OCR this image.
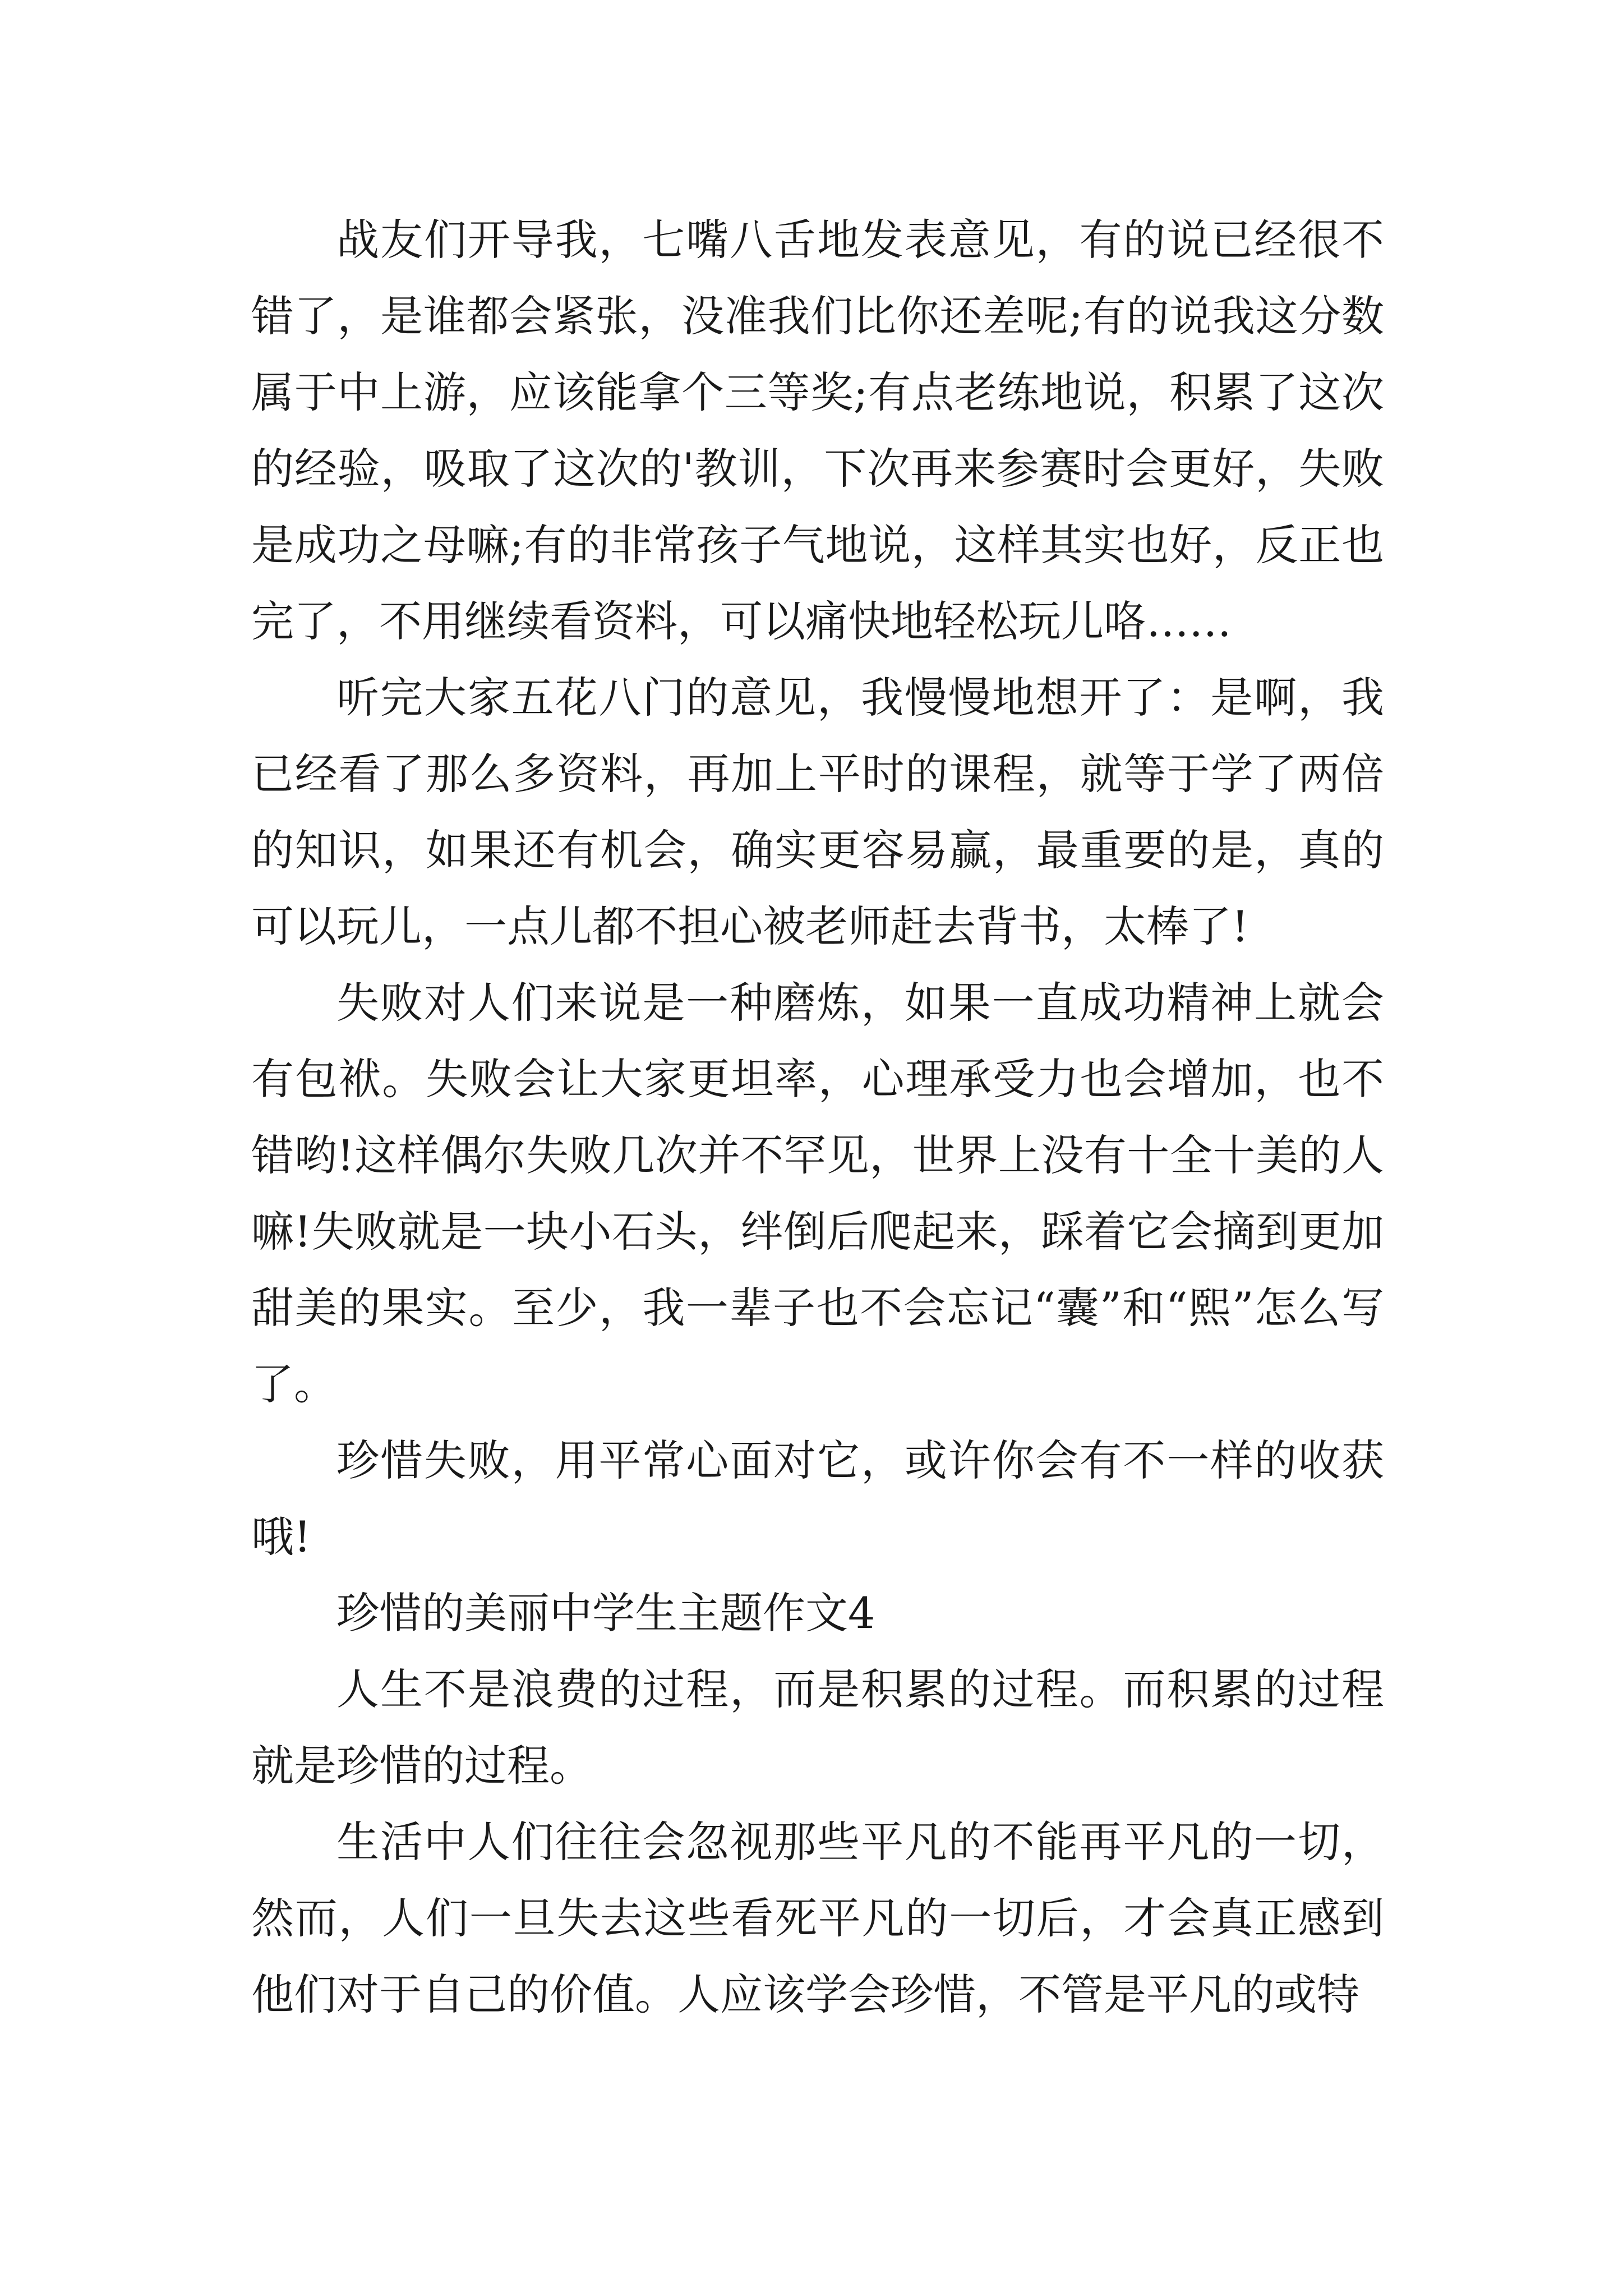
战友们开导我，七嘴八舌地发表意见，有的说已经很不错了，是谁都会紧张，没准我们比你还差呢;有的说我这分数属于中上游，应该能拿个三等奖;有点老练地说，积累了这次的经验，吸取了这次的'教训，下次再来参赛时会更好，失败是成功之母嘛;有的非常孩子气地说，这样其实也好，反正也完了，不用继续看资料，可以痛快地轻松玩儿咯……

听完大家五花八门的意见，我慢慢地想开了：是啊，我已经看了那么多资料，再加上平时的课程，就等于学了两倍的知识，如果还有机会，确实更容易赢，最重要的是，真的可以玩儿，一点儿都不担心被老师赶去背书，太棒了!

失败对人们来说是一种磨炼，如果一直成功精神上就会有包袱。失败会让大家更坦率，心理承受力也会增加，也不错哟!这样偶尔失败几次并不罕见，世界上没有十全十美的人嘛!失败就是一块小石头，绊倒后爬起来，踩着它会摘到更加甜美的果实。至少，我一辈子也不会忘记“囊”和“熙”怎么写了。

珍惜失败，用平常心面对它，或许你会有不一样的收获哦!

珍惜的美丽中学生主题作文4

人生不是浪费的过程，而是积累的过程。而积累的过程就是珍惜的过程。

生活中人们往往会忽视那些平凡的不能再平凡的一切，然而，人们一旦失去这些看死平凡的一切后，才会真正感到他们对于自己的价值。人应该学会珍惜，不管是平凡的或特
